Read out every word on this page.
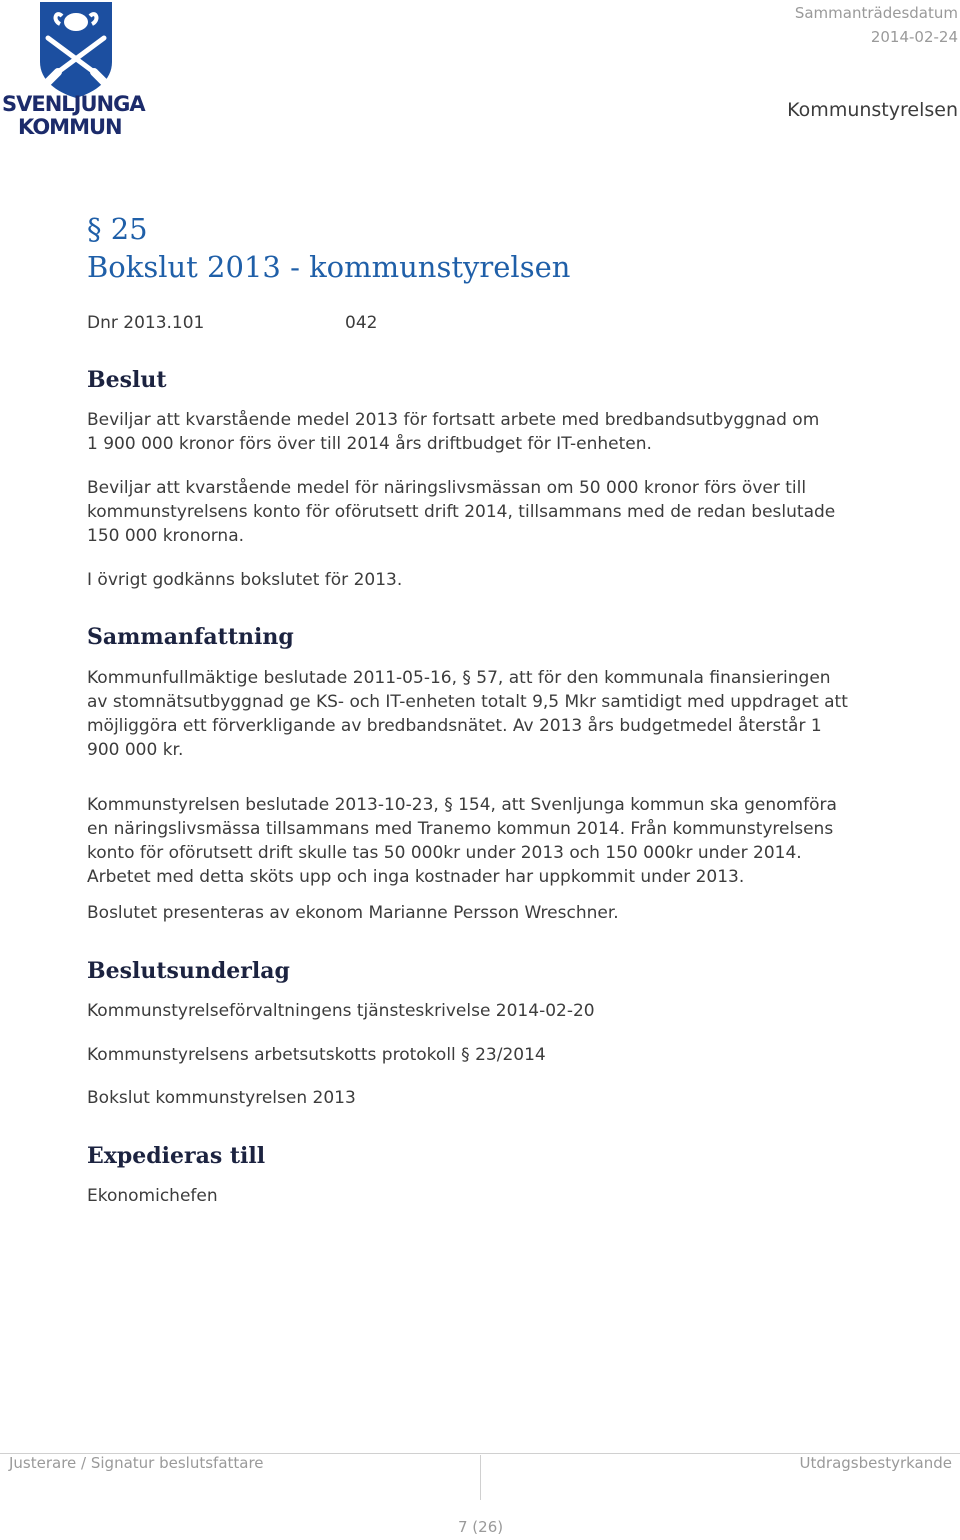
SVENLJUNGA
KOMMUN
Sammanträdesdatum
2014-02-24
Kommunstyrelsen
§ 25
Bokslut 2013 - kommunstyrelsen
Dnr 2013.101	042
Beslut
Beviljar att kvarstående medel 2013 för fortsatt arbete med bredbandsutbyggnad om
1 900 000 kronor förs över till 2014 års driftbudget för IT-enheten.
Beviljar att kvarstående medel för näringslivsmässan om 50 000 kronor förs över till
kommunstyrelsens konto för oförutsett drift 2014, tillsammans med de redan beslutade
150 000 kronorna.
I övrigt godkänns bokslutet för 2013.
Sammanfattning
Kommunfullmäktige beslutade 2011-05-16, § 57, att för den kommunala finansieringen
av stomnätsutbyggnad ge KS- och IT-enheten totalt 9,5 Mkr samtidigt med uppdraget att
möjliggöra ett förverkligande av bredbandsnätet. Av 2013 års budgetmedel återstår 1
900 000 kr.
Kommunstyrelsen beslutade 2013-10-23, § 154, att Svenljunga kommun ska genomföra
en näringslivsmässa tillsammans med Tranemo kommun 2014. Från kommunstyrelsens
konto för oförutsett drift skulle tas 50 000kr under 2013 och 150 000kr under 2014.
Arbetet med detta sköts upp och inga kostnader har uppkommit under 2013.
Boslutet presenteras av ekonom Marianne Persson Wreschner.
Beslutsunderlag
Kommunstyrelseförvaltningens tjänsteskrivelse 2014-02-20
Kommunstyrelsens arbetsutskotts protokoll § 23/2014
Bokslut kommunstyrelsen 2013
Expedieras till
Ekonomichefen
Justerare / Signatur beslutsfattare	Utdragsbestyrkande
7 (26)
